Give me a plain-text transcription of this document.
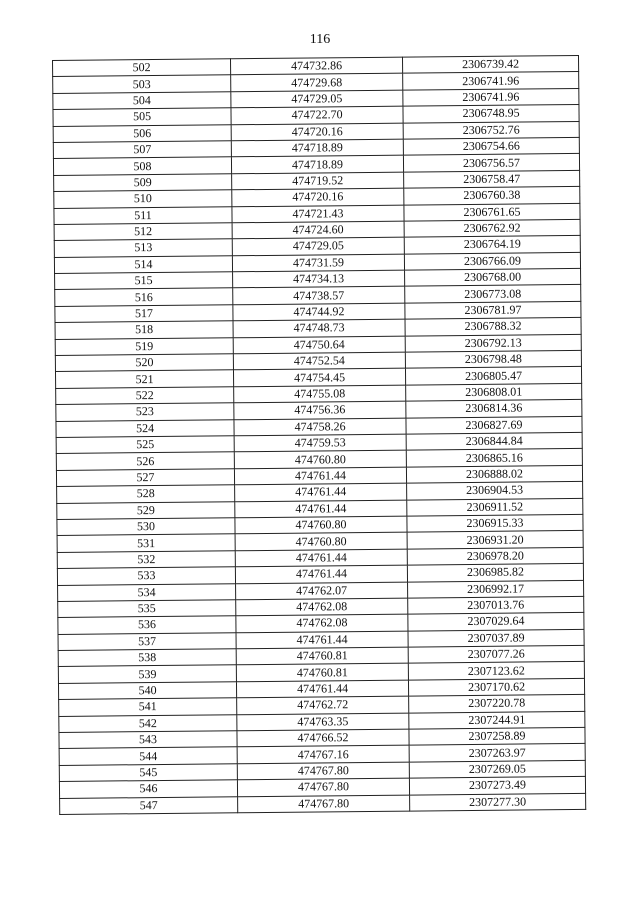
116
502	474732.86	2306739.42
503	474729.68	2306741.96
504	474729.05	2306741.96
505	474722.70	2306748.95
506	474720.16	2306752.76
507	474718.89	2306754.66
508	474718.89	2306756.57
509	474719.52	2306758.47
510	474720.16	2306760.38
511	474721.43	2306761.65
512	474724.60	2306762.92
513	474729.05	2306764.19
514	474731.59	2306766.09
515	474734.13	2306768.00
516	474738.57	2306773.08
517	474744.92	2306781.97
518	474748.73	2306788.32
519	474750.64	2306792.13
520	474752.54	2306798.48
521	474754.45	2306805.47
522	474755.08	2306808.01
523	474756.36	2306814.36
524	474758.26	2306827.69
525	474759.53	2306844.84
526	474760.80	2306865.16
527	474761.44	2306888.02
528	474761.44	2306904.53
529	474761.44	2306911.52
530	474760.80	2306915.33
531	474760.80	2306931.20
532	474761.44	2306978.20
533	474761.44	2306985.82
534	474762.07	2306992.17
535	474762.08	2307013.76
536	474762.08	2307029.64
537	474761.44	2307037.89
538	474760.81	2307077.26
539	474760.81	2307123.62
540	474761.44	2307170.62
541	474762.72	2307220.78
542	474763.35	2307244.91
543	474766.52	2307258.89
544	474767.16	2307263.97
545	474767.80	2307269.05
546	474767.80	2307273.49
547	474767.80	2307277.30
